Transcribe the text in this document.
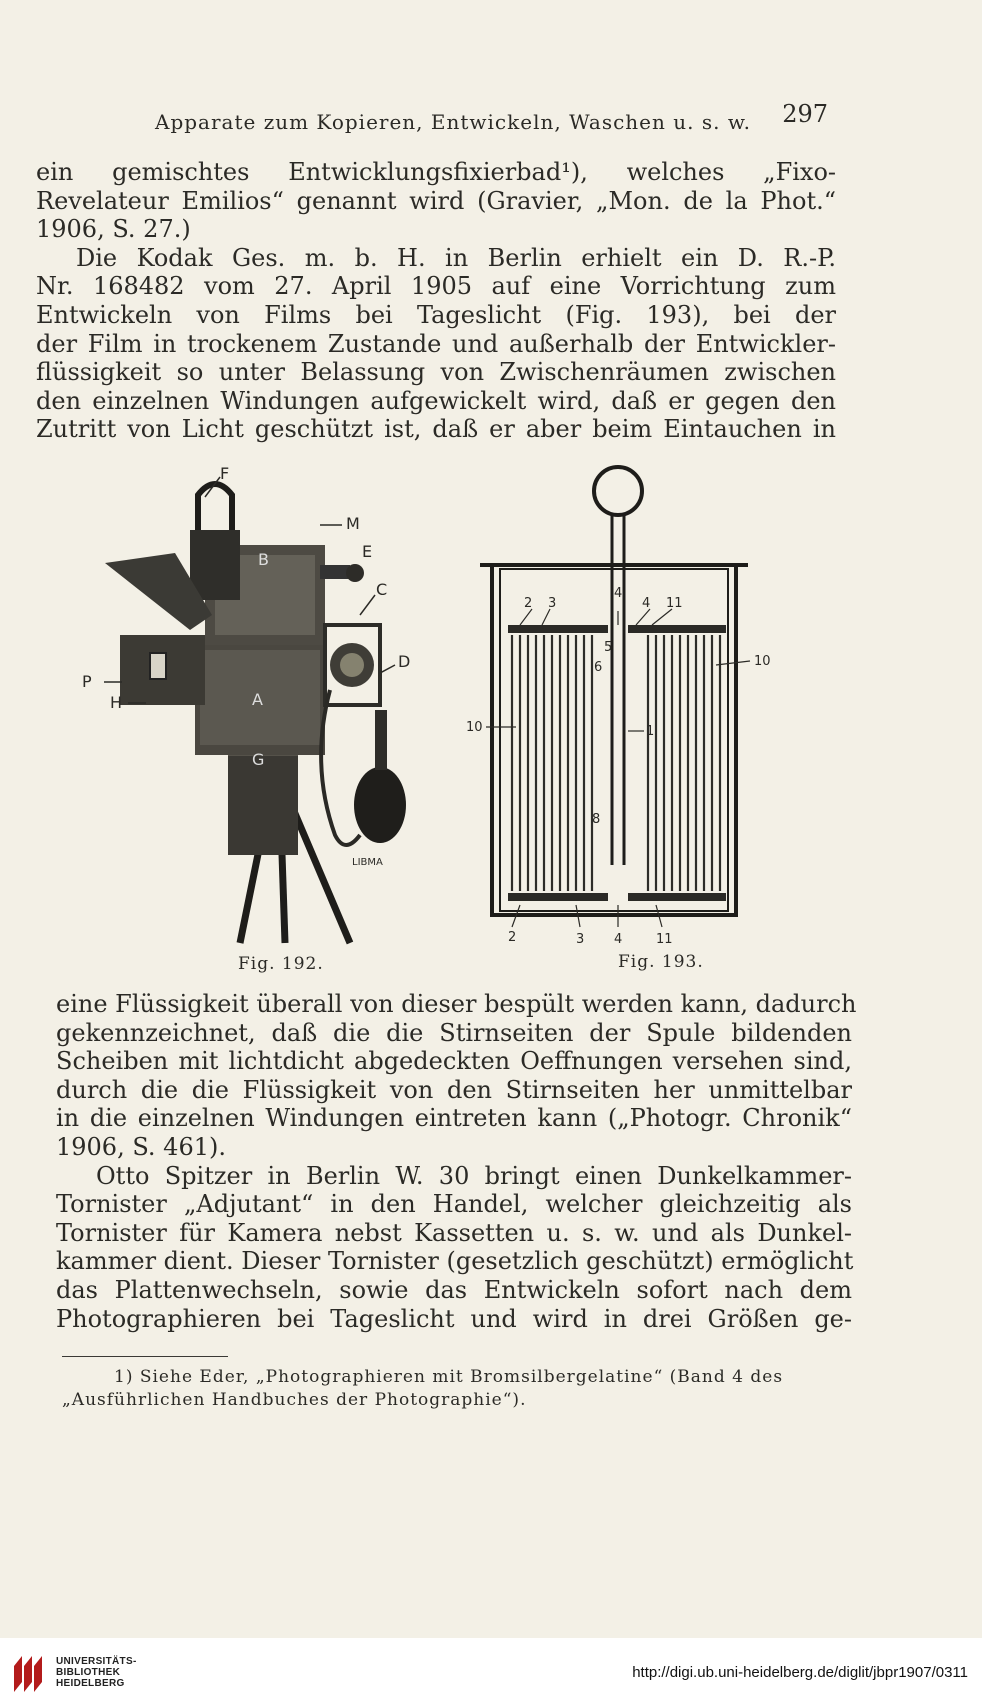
Apparate zum Kopieren, Entwickeln, Waschen u. s. w. 297
ein gemischtes Entwicklungsfixierbad¹), welches „Fixo-
Revelateur Emilios“ genannt wird (Gravier, „Mon. de la Phot.“
1906, S. 27.)
Die Kodak Ges. m. b. H. in Berlin erhielt ein D. R.-P.
Nr. 168482 vom 27. April 1905 auf eine Vorrichtung zum
Entwickeln von Films bei Tageslicht (Fig. 193), bei der
der Film in trockenem Zustande und außerhalb der Entwickler-
flüssigkeit so unter Belassung von Zwischenräumen zwischen
den einzelnen Windungen aufgewickelt wird, daß er gegen den
Zutritt von Licht geschützt ist, daß er aber beim Eintauchen in
F
M
E
B
C
A
D
P
H
G
LIBMA
2 3
4
4 11
5
6	10
10	1
8
2	3 4	11
Fig. 192.	Fig. 193.
eine Flüssigkeit überall von dieser bespült werden kann, dadurch
gekennzeichnet, daß die die Stirnseiten der Spule bildenden
Scheiben mit lichtdicht abgedeckten Oeffnungen versehen sind,
durch die die Flüssigkeit von den Stirnseiten her unmittelbar
in die einzelnen Windungen eintreten kann („Photogr. Chronik“
1906, S. 461).
Otto Spitzer in Berlin W. 30 bringt einen Dunkelkammer-
Tornister „Adjutant“ in den Handel, welcher gleichzeitig als
Tornister für Kamera nebst Kassetten u. s. w. und als Dunkel-
kammer dient. Dieser Tornister (gesetzlich geschützt) ermöglicht
das Plattenwechseln, sowie das Entwickeln sofort nach dem
Photographieren bei Tageslicht und wird in drei Größen ge-
1) Siehe Eder, „Photographieren mit Bromsilbergelatine“ (Band 4 des
„Ausführlichen Handbuches der Photographie“).
UNIVERSITÄTS-
BIBLIOTHEK
HEIDELBERG
http://digi.ub.uni-heidelberg.de/diglit/jbpr1907/0311
